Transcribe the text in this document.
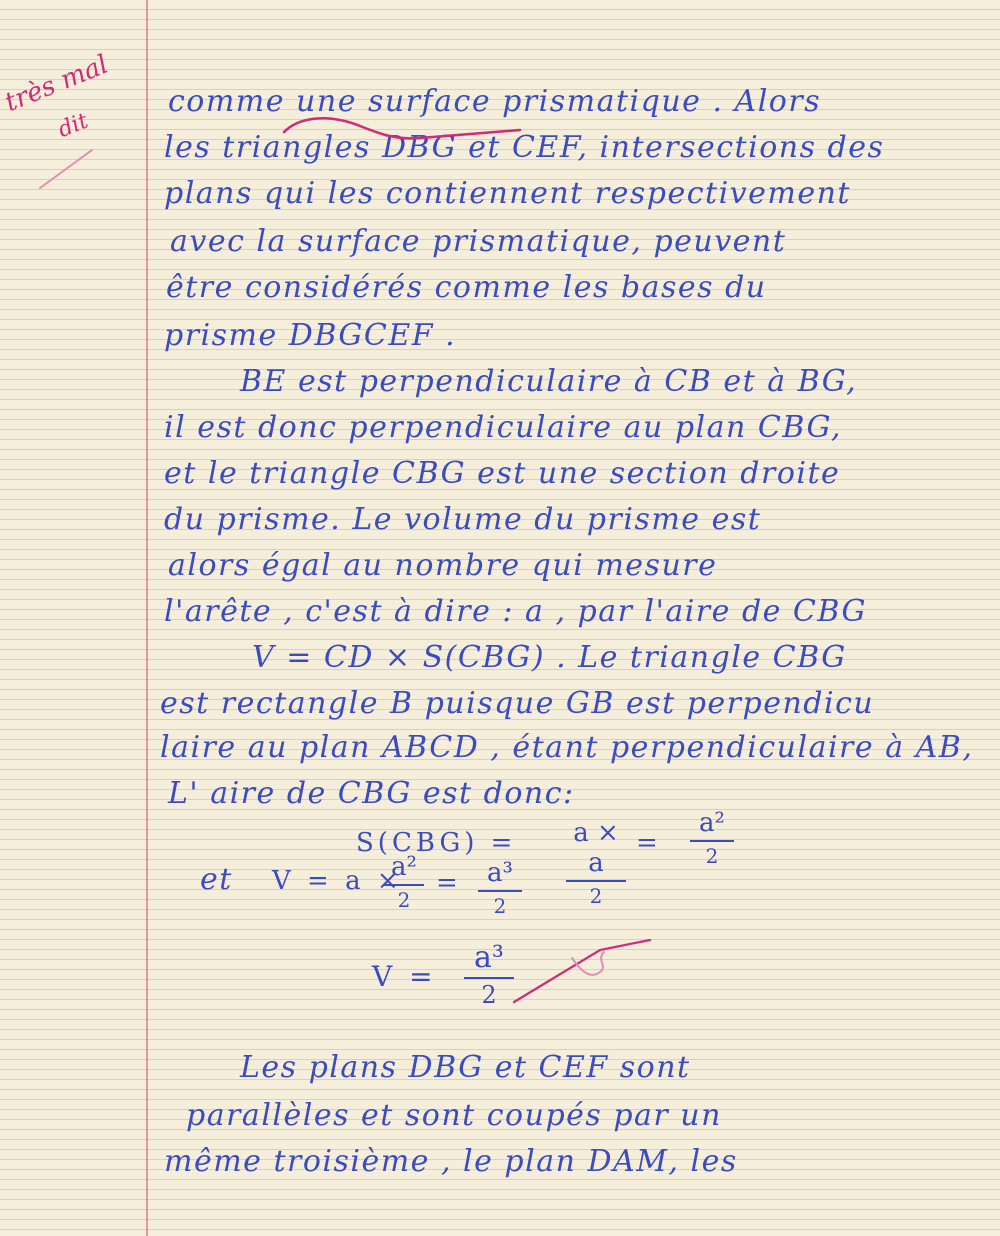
très mal
dit
comme une surface prismatique . Alors
les triangles DBG et CEF, intersections des
plans qui les contiennent respectivement
avec la surface prismatique, peuvent
être considérés comme les bases du
prisme DBGCEF .
BE est perpendiculaire à CB et à BG,
il est donc perpendiculaire au plan CBG,
et le triangle CBG est une section droite
du prisme. Le volume du prisme est
alors égal au nombre qui mesure
l'arête , c'est à dire : a , par l'aire de CBG
V = CD × S(CBG) . Le triangle CBG
est rectangle B puisque GB est perpendicu
laire au plan ABCD , étant perpendiculaire à AB,
L' aire de CBG est donc:
S(CBG) = a × a
2
=
a²
2
et V = a ×
a²
2
= a³
2
V =
a³
2
Les plans DBG et CEF sont
parallèles et sont coupés par un
même troisième , le plan DAM, les
